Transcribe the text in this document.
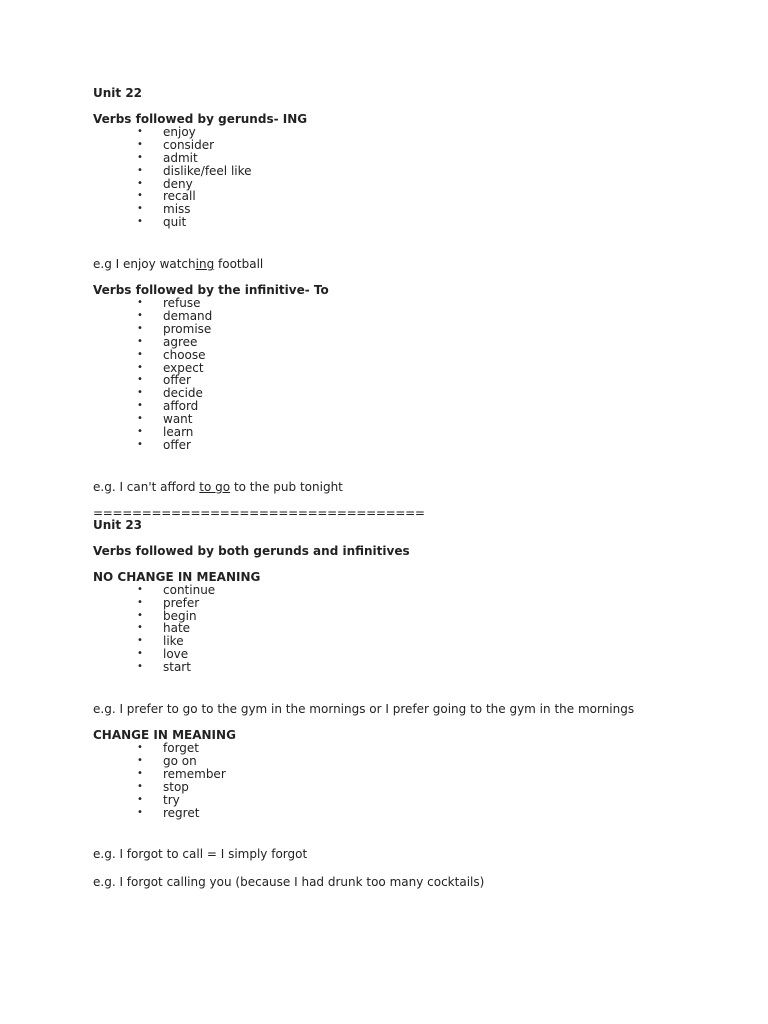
Unit 22

Verbs followed by gerunds- ING

• enjoy
• consider
• admit
• dislike/feel like
• deny
• recall
• miss
• quit

e.g I enjoy watching football

Verbs followed by the infinitive- To

• refuse
• demand
• promise
• agree
• choose
• expect
• offer
• decide
• afford
• want
• learn
• offer

e.g. I can't afford to go to the pub tonight

==================================

Unit 23

Verbs followed by both gerunds and infinitives

NO CHANGE IN MEANING

• continue
• prefer
• begin
• hate
• like
• love
• start

e.g. I prefer to go to the gym in the mornings or I prefer going to the gym in the mornings

CHANGE IN MEANING

• forget
• go on
• remember
• stop
• try
• regret

e.g. I forgot to call = I simply forgot

e.g. I forgot calling you (because I had drunk too many cocktails)
